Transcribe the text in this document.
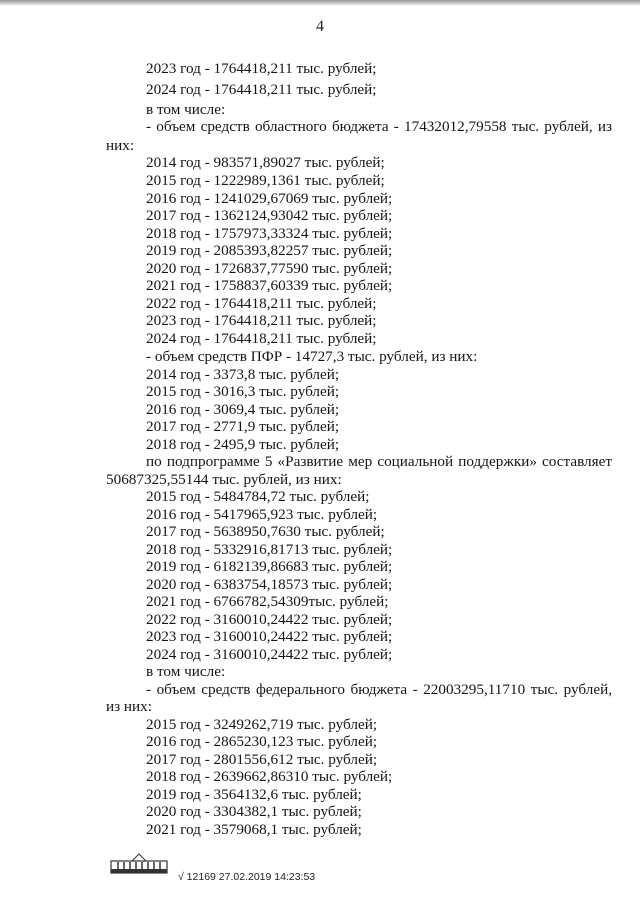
4
2023 год - 1764418,211 тыс. рублей;
2024 год - 1764418,211 тыс. рублей;
в том числе:
- объем средств областного бюджета - 17432012,79558 тыс. рублей, из
них:
2014 год - 983571,89027 тыс. рублей;
2015 год - 1222989,1361 тыс. рублей;
2016 год - 1241029,67069 тыс. рублей;
2017 год - 1362124,93042 тыс. рублей;
2018 год - 1757973,33324 тыс. рублей;
2019 год - 2085393,82257 тыс. рублей;
2020 год - 1726837,77590 тыс. рублей;
2021 год - 1758837,60339 тыс. рублей;
2022 год - 1764418,211 тыс. рублей;
2023 год - 1764418,211 тыс. рублей;
2024 год - 1764418,211 тыс. рублей;
- объем средств ПФР - 14727,3 тыс. рублей, из них:
2014 год - 3373,8 тыс. рублей;
2015 год - 3016,3 тыс. рублей;
2016 год - 3069,4 тыс. рублей;
2017 год - 2771,9 тыс. рублей;
2018 год - 2495,9 тыс. рублей;
по подпрограмме 5 «Развитие мер социальной поддержки» составляет
50687325,55144 тыс. рублей, из них:
2015 год - 5484784,72 тыс. рублей;
2016 год - 5417965,923 тыс. рублей;
2017 год - 5638950,7630 тыс. рублей;
2018 год - 5332916,81713 тыс. рублей;
2019 год - 6182139,86683 тыс. рублей;
2020 год - 6383754,18573 тыс. рублей;
2021 год - 6766782,54309тыс. рублей;
2022 год - 3160010,24422 тыс. рублей;
2023 год - 3160010,24422 тыс. рублей;
2024 год - 3160010,24422 тыс. рублей;
в том числе:
- объем средств федерального бюджета - 22003295,11710 тыс. рублей,
из них:
2015 год - 3249262,719 тыс. рублей;
2016 год - 2865230,123 тыс. рублей;
2017 год - 2801556,612 тыс. рублей;
2018 год - 2639662,86310 тыс. рублей;
2019 год - 3564132,6 тыс. рублей;
2020 год - 3304382,1 тыс. рублей;
2021 год - 3579068,1 тыс. рублей;
√ 12169 27.02.2019 14:23:53
